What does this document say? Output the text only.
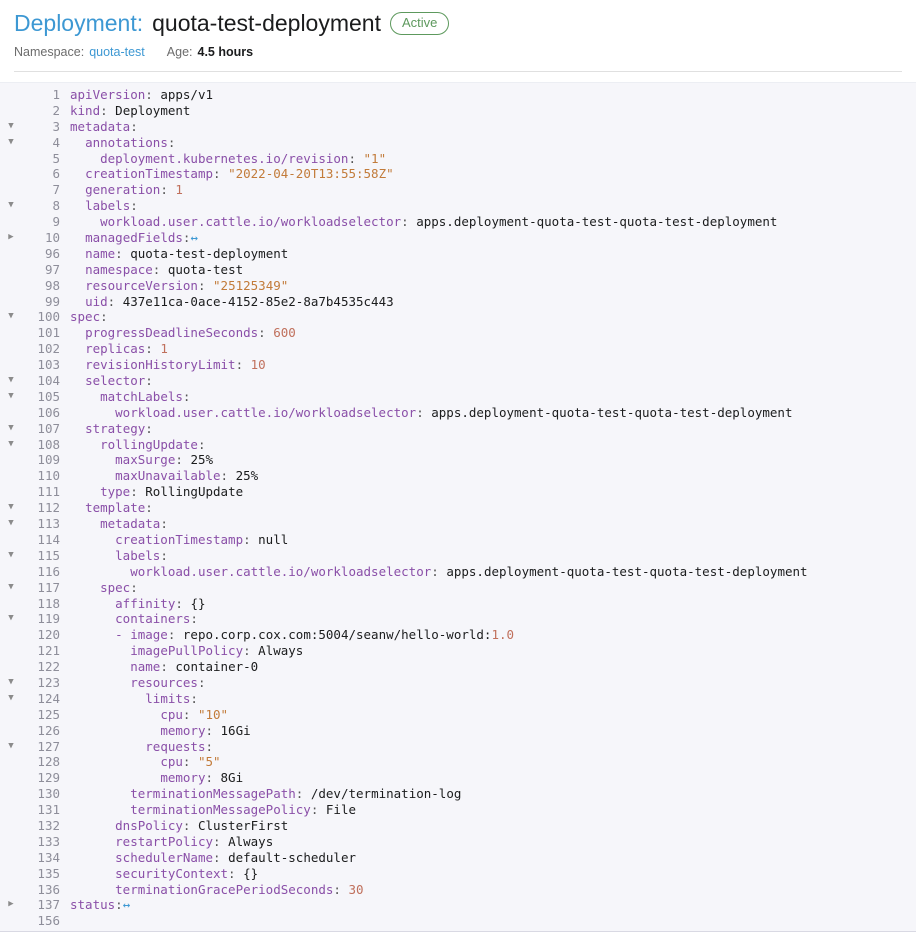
Deployment: quota-test-deployment	Active
Namespace: quota-test Age: 4.5 hours
1 apiVersion: apps/v1
2 kind: Deployment
▼
3 metadata:
▼
4	annotations:
5	deployment.kubernetes.io/revision: "1"
6	creationTimestamp: "2022-04-20T13:55:58Z"
7	generation: 1
▼
8	labels:
9	workload.user.cattle.io/workloadselector: apps.deployment-quota-test-quota-test-deployment
▶
10	managedFields:↔
96	name: quota-test-deployment
97	namespace: quota-test
98	resourceVersion: "25125349"
99	uid: 437e11ca-0ace-4152-85e2-8a7b4535c443
▼
100 spec:
101	progressDeadlineSeconds: 600
102	replicas: 1
103	revisionHistoryLimit: 10
▼
104	selector:
▼
105	matchLabels:
106	workload.user.cattle.io/workloadselector: apps.deployment-quota-test-quota-test-deployment
▼
107	strategy:
▼
108	rollingUpdate:
109	maxSurge: 25%
110	maxUnavailable: 25%
111	type: RollingUpdate
▼
112	template:
▼
113	metadata:
114	creationTimestamp: null
▼
115	labels:
116	workload.user.cattle.io/workloadselector: apps.deployment-quota-test-quota-test-deployment
▼
117	spec:
118	affinity: {}
▼
119	containers:
120	- image: repo.corp.cox.com:5004/seanw/hello-world:1.0
121	imagePullPolicy: Always
122	name: container-0
▼
123	resources:
▼
124	limits:
125	cpu: "10"
126	memory: 16Gi
▼
127	requests:
128	cpu: "5"
129	memory: 8Gi
130	terminationMessagePath: /dev/termination-log
131	terminationMessagePolicy: File
132	dnsPolicy: ClusterFirst
133	restartPolicy: Always
134	schedulerName: default-scheduler
135	securityContext: {}
136	terminationGracePeriodSeconds: 30
▶
137 status:↔
156
